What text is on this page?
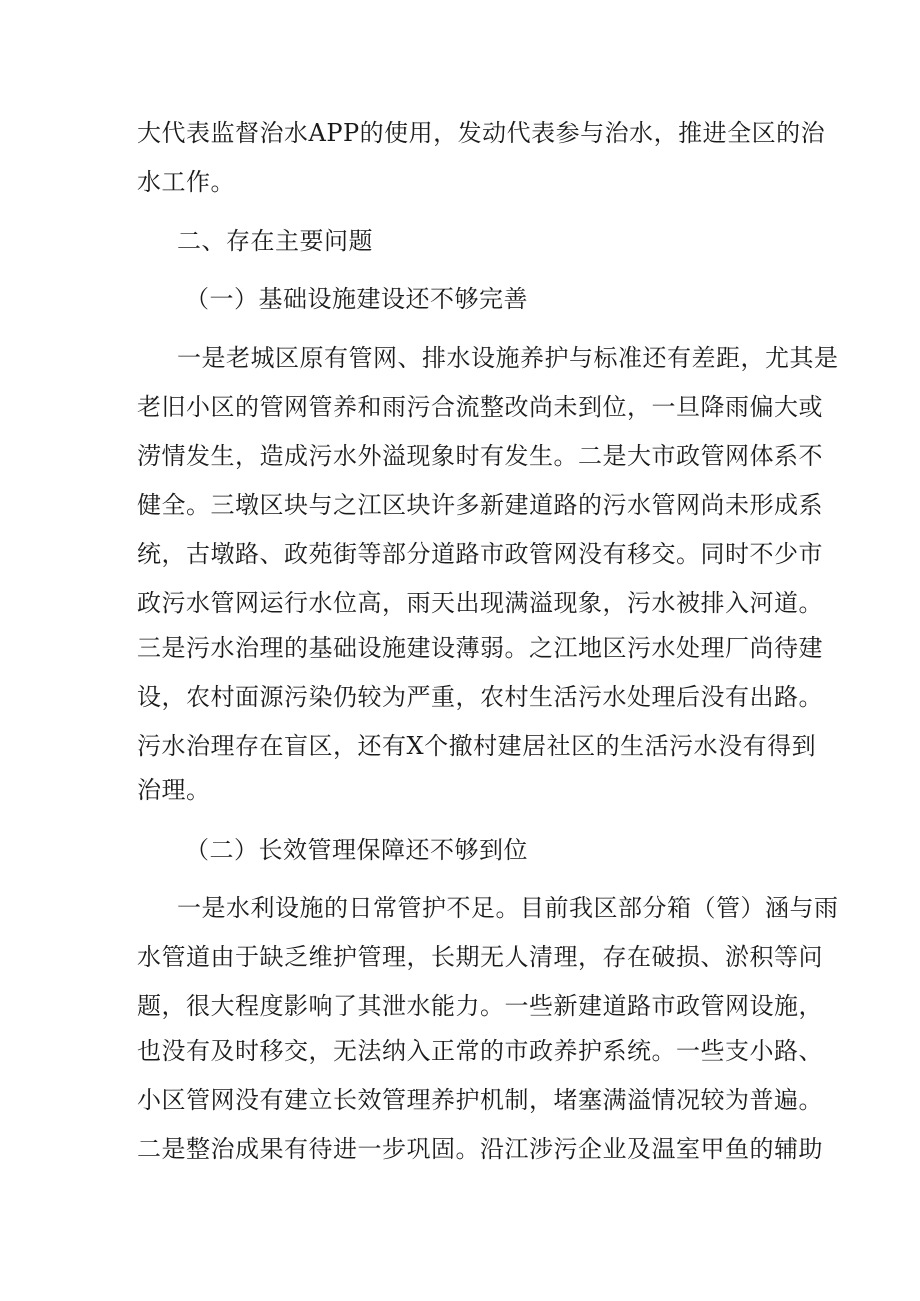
大代表监督治水APP的使用，发动代表参与治水，推进全区的治
水工作。
二、存在主要问题
（一）基础设施建设还不够完善
一是老城区原有管网、排水设施养护与标准还有差距，尤其是
老旧小区的管网管养和雨污合流整改尚未到位，一旦降雨偏大或
涝情发生，造成污水外溢现象时有发生。二是大市政管网体系不
健全。三墩区块与之江区块许多新建道路的污水管网尚未形成系
统，古墩路、政苑街等部分道路市政管网没有移交。同时不少市
政污水管网运行水位高，雨天出现满溢现象，污水被排入河道。
三是污水治理的基础设施建设薄弱。之江地区污水处理厂尚待建
设，农村面源污染仍较为严重，农村生活污水处理后没有出路。
污水治理存在盲区，还有X个撤村建居社区的生活污水没有得到
治理。
（二）长效管理保障还不够到位
一是水利设施的日常管护不足。目前我区部分箱（管）涵与雨
水管道由于缺乏维护管理，长期无人清理，存在破损、淤积等问
题，很大程度影响了其泄水能力。一些新建道路市政管网设施，
也没有及时移交，无法纳入正常的市政养护系统。一些支小路、
小区管网没有建立长效管理养护机制，堵塞满溢情况较为普遍。
二是整治成果有待进一步巩固。沿江涉污企业及温室甲鱼的辅助
